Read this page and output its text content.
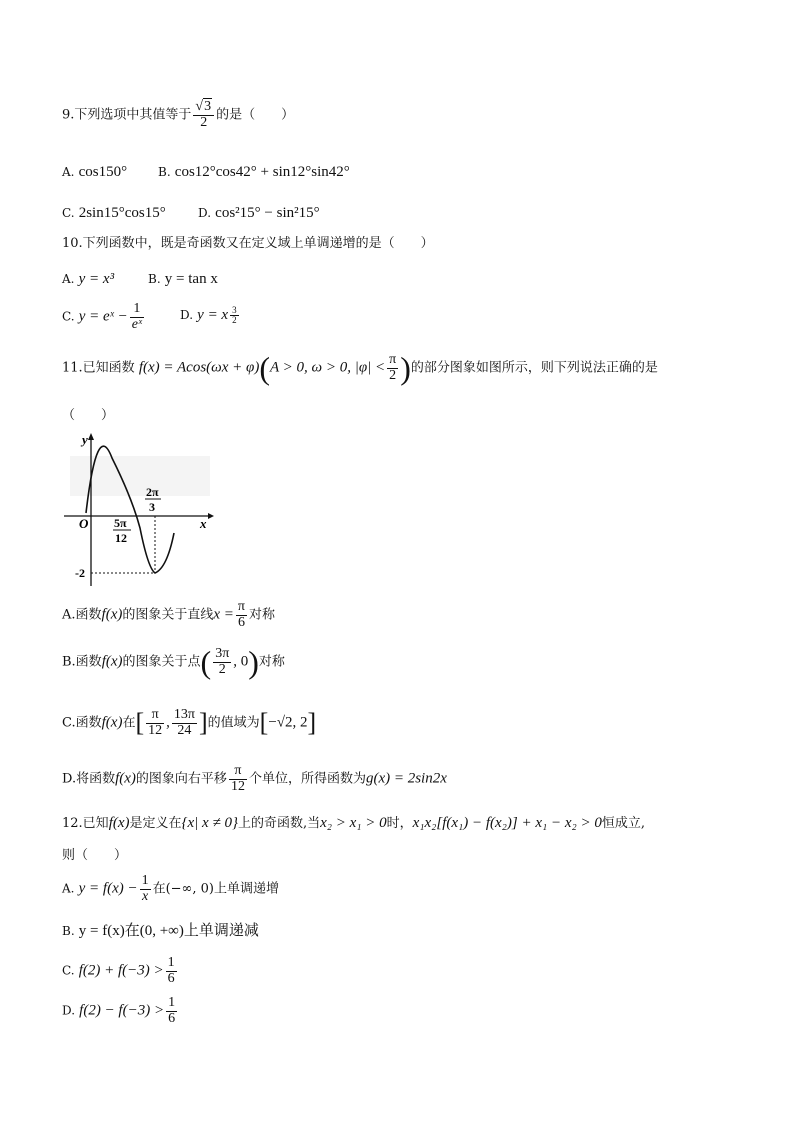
9.下列选项中其值等于 $\frac{√3}{2}$ 的是（　　）
A. cos150°	B. cos12°cos42° + sin12°sin42°
C. 2sin15°cos15°	D. cos²15° − sin²15°
10.下列函数中，既是奇函数又在定义域上单调递增的是（　　）
A. y = x³	B. y = tan x
C. y = eˣ − $\frac{1}{\text{eˣ}}$	D. y = x $^{\frac{3}{2}}$
11.已知函数 f(x) = Acos(ωx + φ)(A > 0, ω > 0, $|\varphi| < \frac{\pi}{2}$ )的部分图象如图所示，则下列说法正确的是
（　　）
y
x
O 5π
12
2π
3
-2
A.函数f(x)的图象关于直线$x = \frac{\pi}{6}$ 对称
B.函数f(x)的图象关于点( $\frac{3\pi}{2}$ , 0)对称
C.函数f(x)在[ $\frac{\pi}{12}$ , $\frac{13\pi}{24}$ ]的值域为[−√2, 2]
D.将函数f(x)的图象向右平移 $\frac{\pi}{12}$ 个单位，所得函数为g(x) = 2sin2x
12.已知f(x)是定义在{x| x ≠ 0}上的奇函数,当x₂ > x₁ > 0时，x₁x₂[f(x₁) − f(x₂)] + x₁ − x₂ > 0恒成立,
则（　　）
A. $y = f(x) - \frac{1}{x}$ 在(−∞, 0)上单调递增
B. y = f(x)在(0, +∞)上单调递减
C. $f(2) + f(-3) > \frac{1}{6}$
D. $f(2) - f(-3) > \frac{1}{6}$
